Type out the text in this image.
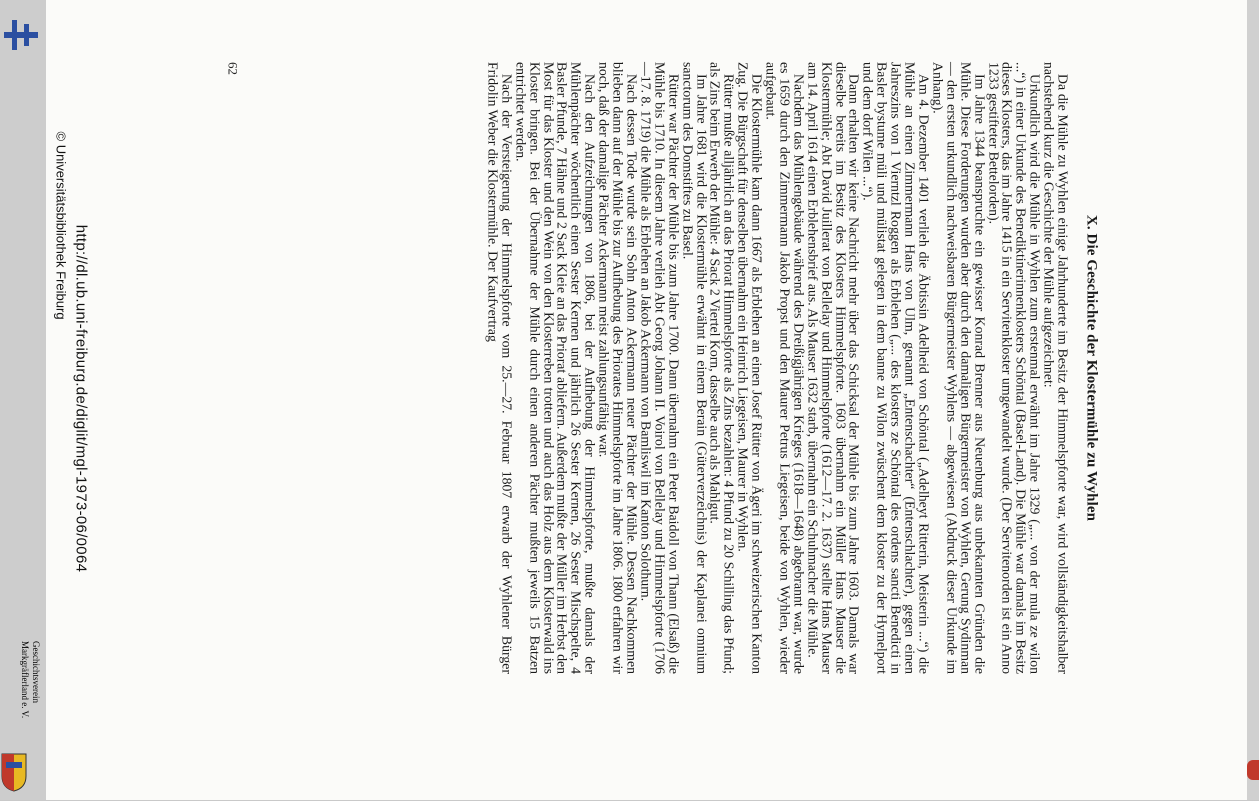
X. Die Geschichte der Klostermühle zu Wyhlen

Da die Mühle zu Wyhlen einige Jahrhunderte im Besitz der Himmelspforte war, wird vollständigkeitshalber nachstehend kurz die Geschichte der Mühle aufgezeichnet:

Urkundlich wird die Mühle in Wyhlen zum erstenmal erwähnt im Jahre 1329 („... von der mula ze wilon ...“) in einer Urkunde des Benediktinerinnenklosters Schöntal (Basel-Land). Die Mühle war damals im Besitz dieses Klosters, das im Jahre 1415 in ein Servitenkloster umgewandelt wurde. (Der Servitenorden ist ein Anno 1233 gestifteter Bettelorden).

Im Jahre 1344 beanspruchte ein gewisser Konrad Brenner aus Neuenburg aus unbekannten Gründen die Mühle. Diese Forderungen wurden aber durch den damaligen Bürgermeister von Wyhlen, Gerung Sydinman — den ersten urkundlich nachweisbaren Bürgermeister Wyhlens — abgewiesen (Abdruck dieser Urkunde im Anhang).

Am 4. Dezember 1401 verlieh die Äbtissin Adelheid von Schöntal („Adelheyt Ritterin, Meisterin ...“) die Mühle an einen Zimmermann Hans von Ulm, genannt „Entenschachter“ (Entenschlachter), gegen einen Jahreszins von 1 Vierntzl Roggen als Erblehen („... des klosters ze Schöntal des ordens sancti Benedicti in Basler bystume müli und mülistat gelegen in dem banne zu Wilon zwüschent dem kloster zu der Hymelport und dem dorf Wilen ...“).

Dann erhalten wir keine Nachricht mehr über das Schicksal der Mühle bis zum Jahre 1603. Damals war dieselbe bereits im Besitz des Klosters Himmelspforte. 1603 übernahm ein Müller Hans Mauser die Klostermühle; Abt David Juillerat von Bellelay und Himmelspforte (1612—17. 2. 1637) stellte Hans Mauser am 14. April 1614 einen Erblehensbrief aus. Als Mauser 1632 starb, übernahm ein Schuhmacher die Mühle.

Nachdem das Mühlengebäude während des Dreißigjährigen Krieges (1618—1648) abgebrannt war, wurde es 1659 durch den Zimmermann Jakob Propst und den Maurer Petrus Liegeisen, beide von Wyhlen, wieder aufgebaut.

Die Klostermühle kam dann 1667 als Erblehen an einen Josef Rütter von Ägeri im schweizerischen Kanton Zug. Die Bürgschaft für denselben übernahm ein Heinrich Liegeisen, Maurer in Wyhlen.

Rütter mußte alljährlich an das Priorat Himmelspforte als Zins bezahlen: 4 Pfund zu 20 Schilling das Pfund; als Zins beim Erwerb der Mühle: 4 Sack 2 Viertel Korn, dasselbe auch als Mahlgut.

Im Jahre 1681 wird die Klostermühle erwähnt in einem Berain (Güterverzeichnis) der Kaplanei omnium sanctorum des Domstiftes zu Basel.

Rütter war Pächter der Mühle bis zum Jahre 1700. Dann übernahm ein Peter Baidoll von Thann (Elsaß) die Mühle bis 1710. In diesem Jahre verlieh Abt Georg Johann II. Voirol von Bellelay und Himmelspforte (1706—17. 8. 1719) die Mühle als Erblehen an Jakob Ackermann von Bamliswil im Kanton Solothurn.

Nach dessen Tode wurde sein Sohn Anton Ackermann neuer Pächter der Mühle. Dessen Nachkommen blieben dann auf der Mühle bis zur Aufhebung des Priorates Himmelspforte im Jahre 1806. 1800 erfahren wir noch, daß der damalige Pächter Ackermann meist zahlungsunfähig war.

Nach den Aufzeichnungen von 1806, bei der Aufhebung der Himmelspforte, mußte damals der Mühlenpächter wöchentlich einen Sester Kernen und jährlich 26 Sester Kernen, 26 Sester Mischspelte, 4 Basler Pfunde, 7 Hähne und 2 Sack Kleie an das Priorat abliefern. Außerdem mußte der Müller im Herbst den Most für das Kloster und den Wein von den Klosterreben trotten und auch das Holz aus dem Klosterwald ins Kloster bringen. Bei der Übernahme der Mühle durch einen anderen Pächter mußten jeweils 15 Batzen entrichtet werden.

Nach der Versteigerung der Himmelspforte vom 25.—27. Februar 1807 erwarb der Wyhlener Bürger Fridolin Weber die Klostermühle. Der Kaufvertrag

62
http://dl.ub.uni-freiburg.de/diglit/mgl-1973-06/0064
© Universitätsbibliothek Freiburg
Geschichtsverein
Markgräflerland e. V.
